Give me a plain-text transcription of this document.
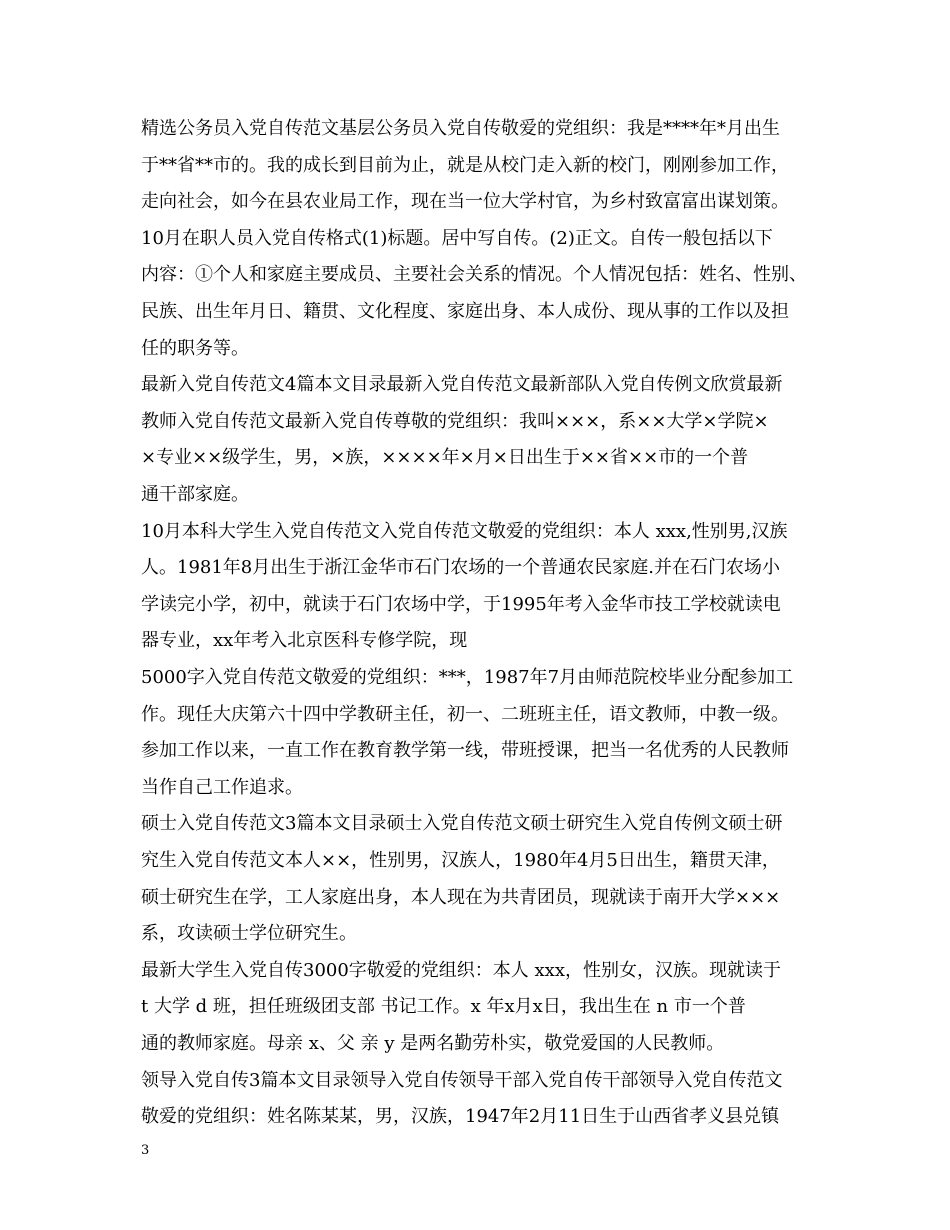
精选公务员入党自传范文基层公务员入党自传敬爱的党组织：我是****年*月出生
于**省**市的。我的成长到目前为止，就是从校门走入新的校门，刚刚参加工作，
走向社会，如今在县农业局工作，现在当一位大学村官，为乡村致富富出谋划策。
10月在职人员入党自传格式(1)标题。居中写自传。(2)正文。自传一般包括以下
内容：①个人和家庭主要成员、主要社会关系的情况。个人情况包括：姓名、性别、
民族、出生年月日、籍贯、文化程度、家庭出身、本人成份、现从事的工作以及担
任的职务等。
最新入党自传范文4篇本文目录最新入党自传范文最新部队入党自传例文欣赏最新
教师入党自传范文最新入党自传尊敬的党组织：我叫×××，系××大学×学院×
×专业××级学生，男，×族，××××年×月×日出生于××省××市的一个普
通干部家庭。
10月本科大学生入党自传范文入党自传范文敬爱的党组织：本人 xxx,性别男,汉族
人。1981年8月出生于浙江金华市石门农场的一个普通农民家庭.并在石门农场小
学读完小学，初中，就读于石门农场中学，于1995年考入金华市技工学校就读电
器专业，xx年考入北京医科专修学院，现
5000字入党自传范文敬爱的党组织：***，1987年7月由师范院校毕业分配参加工
作。现任大庆第六十四中学教研主任，初一、二班班主任，语文教师，中教一级。
参加工作以来，一直工作在教育教学第一线，带班授课，把当一名优秀的人民教师
当作自己工作追求。
硕士入党自传范文3篇本文目录硕士入党自传范文硕士研究生入党自传例文硕士研
究生入党自传范文本人××，性别男，汉族人，1980年4月5日出生，籍贯天津，
硕士研究生在学，工人家庭出身，本人现在为共青团员，现就读于南开大学×××
系，攻读硕士学位研究生。
最新大学生入党自传3000字敬爱的党组织：本人 xxx，性别女，汉族。现就读于
t 大学 d 班，担任班级团支部 书记工作。x 年x月x日，我出生在 n 市一个普
通的教师家庭。母亲 x、父 亲 y 是两名勤劳朴实，敬党爱国的人民教师。
领导入党自传3篇本文目录领导入党自传领导干部入党自传干部领导入党自传范文
敬爱的党组织：姓名陈某某，男，汉族，1947年2月11日生于山西省孝义县兑镇
3
